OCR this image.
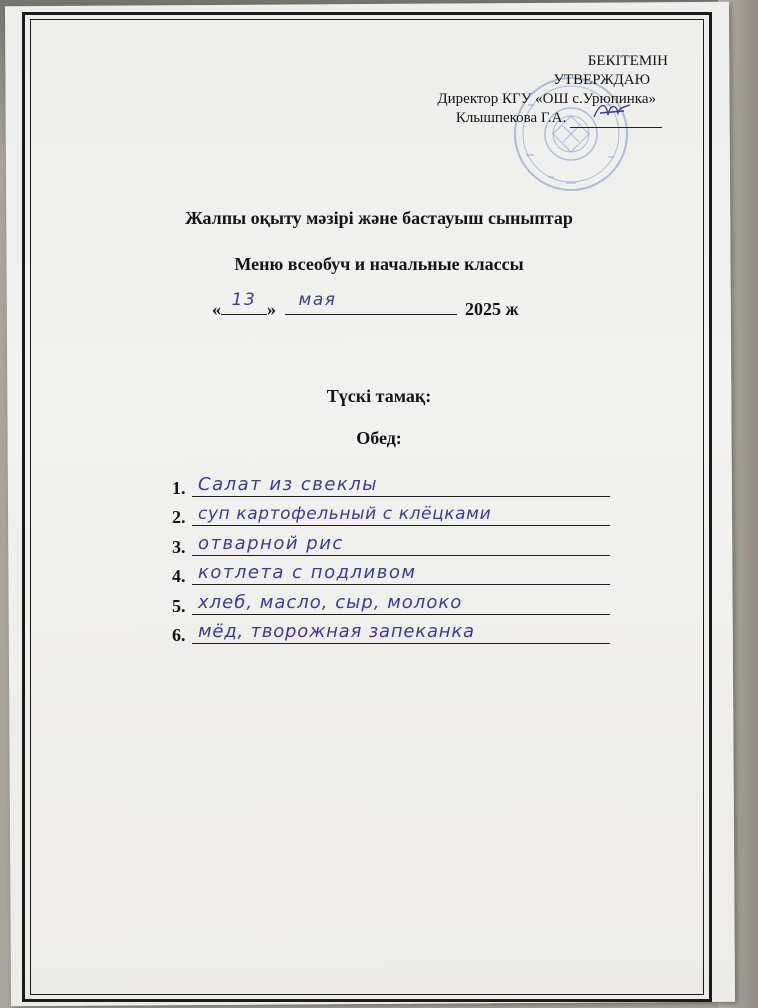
БЕКІТЕМІН
УТВЕРЖДАЮ
Директор КГУ «ОШ с.Урюпинка»
Клышпекова Г.А.
Жалпы оқыту мәзірі және бастауыш сыныптар
Меню всеобуч и начальные классы
« 13 »	мая	2025 ж
Түскі тамақ:
Обед:
1. Салат из свеклы
2. суп картофельный с клёцками
3. отварной рис
4. котлета с подливом
5. хлеб, масло, сыр, молоко
6. мёд, творожная запеканка
